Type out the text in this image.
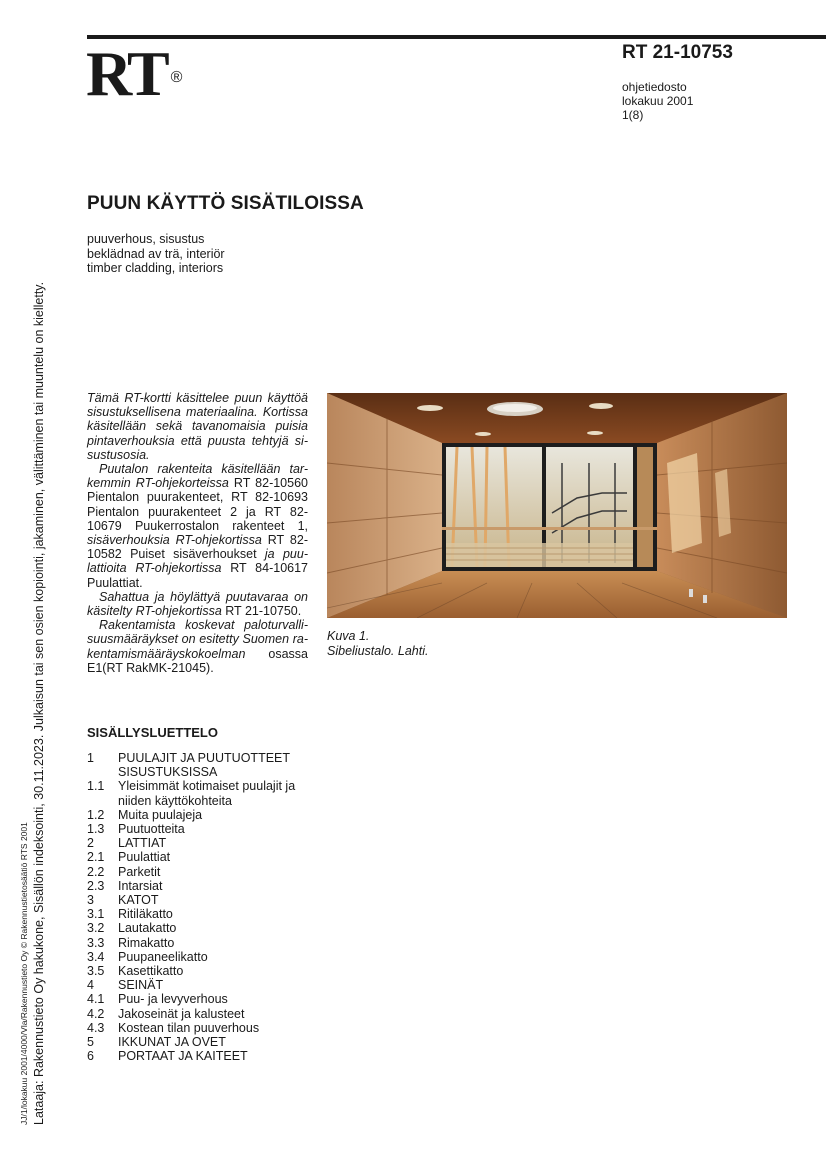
RT ®
RT 21-10753
ohjetiedosto
lokakuu 2001
1(8)
PUUN KÄYTTÖ SISÄTILOISSA
puuverhous, sisustus
beklädnad av trä, interiör
timber cladding, interiors
JJ/1/lokakuu 2001/4000/Vla/Rakennustieto Oy © Rakennustietosäätiö RTS 2001 Lataaja: Rakennustieto Oy hakukone, Sisällön indeksointi, 30.11.2023. Julkaisun tai sen osien kopiointi, jakaminen, välittäminen tai muuntelu on kielletty.	Tämä RT-kortti käsittelee puun käyttöä sisustuksellisena materiaalina. Kortissa käsitellään sekä tavanomaisia puisia pintaverhouksia että puusta tehtyjä si-sustusosia.

Puutalon rakenteita käsitellään tar-kemmin RT-ohjekorteissa RT 82-10560 Pientalon puurakenteet, RT 82-10693 Pientalon puurakenteet 2 ja RT 82-10679 Puukerrostalon rakenteet 1, sisäverhouksia RT-ohjekortissa RT 82-10582 Puiset sisäverhoukset ja puu-lattioita RT-ohjekortissa RT 84-10617 Puulattiat.

Sahattua ja höylättyä puutavaraa on käsitelty RT-ohjekortissa RT 21-10750.

Rakentamista koskevat paloturvalli-suusmääräykset on esitetty Suomen ra-kentamismääräyskokoelman osassa E1(RT RakMK-21045).

Kuva 1.
Sibeliustalo. Lahti.
SISÄLLYSLUETTELO
1	PUULAJIT JA PUUTUOTTEET SISUSTUKSISSA
1.1	Yleisimmät kotimaiset puulajit ja niiden käyttökohteita
1.2	Muita puulajeja
1.3	Puutuotteita
2	LATTIAT
2.1	Puulattiat
2.2	Parketit
2.3	Intarsiat
3	KATOT
3.1	Ritiläkatto
3.2	Lautakatto
3.3	Rimakatto
3.4	Puupaneelikatto
3.5	Kasettikatto
4	SEINÄT
4.1	Puu- ja levyverhous
4.2	Jakoseinät ja kalusteet
4.3	Kostean tilan puuverhous
5	IKKUNAT JA OVET
6	PORTAAT JA KAITEET
